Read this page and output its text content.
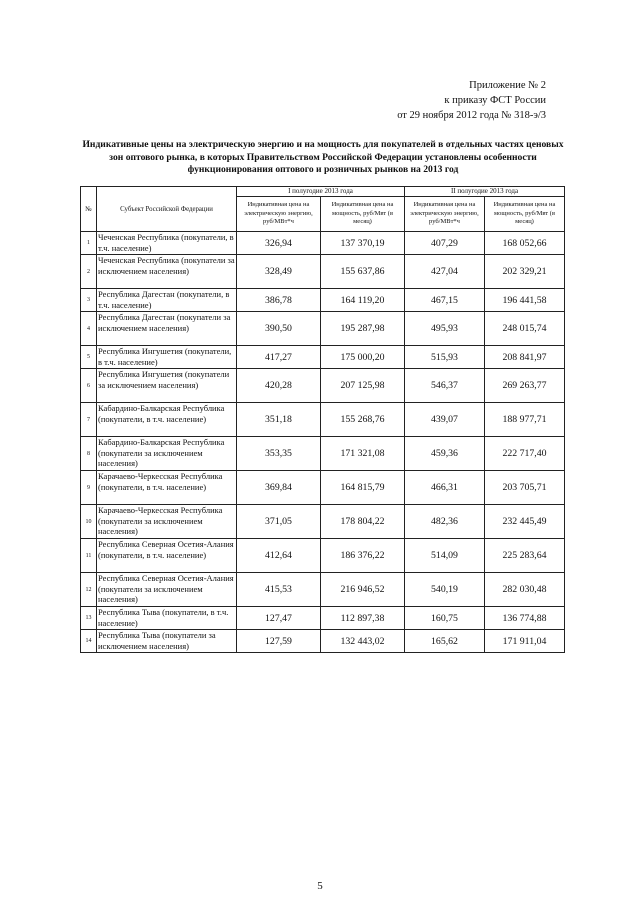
Приложение № 2
к приказу ФСТ России
от 29 ноября 2012 года № 318-э/3
Индикативные цены на электрическую энергию и на мощность для покупателей в отдельных частях ценовых
зон оптового рынка, в которых Правительством Российской Федерации установлены особенности
функционирования оптового и розничных рынков на 2013 год
№	Субъект Российской Федерации	I полугодие 2013 года		II полугодие 2013 года	
		Индикативная цена на электрическую энергию, руб/МВт*ч	Индикативная цена на мощность, руб/Мвт (в месяц)	Индикативная цена на электрическую энергию, руб/МВт*ч	Индикативная цена на мощность, руб/Мвт (в месяц)
1	Чеченская Республика (покупатели, в т.ч. население)	326,94	137 370,19	407,29	168 052,66
2	Чеченская Республика (покупатели за исключением населения)	328,49	155 637,86	427,04	202 329,21
3	Республика Дагестан (покупатели, в т.ч. население)	386,78	164 119,20	467,15	196 441,58
4	Республика Дагестан (покупатели за исключением населения)	390,50	195 287,98	495,93	248 015,74
5	Республика Ингушетия (покупатели, в т.ч. население)	417,27	175 000,20	515,93	208 841,97
6	Республика Ингушетия (покупатели за исключением населения)	420,28	207 125,98	546,37	269 263,77
7	Кабардино-Балкарская Республика (покупатели, в т.ч. население)	351,18	155 268,76	439,07	188 977,71
8	Кабардино-Балкарская Республика (покупатели за исключением населения)	353,35	171 321,08	459,36	222 717,40
9	Карачаево-Черкесская Республика (покупатели, в т.ч. население)	369,84	164 815,79	466,31	203 705,71
10	Карачаево-Черкесская Республика (покупатели за исключением населения)	371,05	178 804,22	482,36	232 445,49
11	Республика Северная Осетия-Алания (покупатели, в т.ч. население)	412,64	186 376,22	514,09	225 283,64
12	Республика Северная Осетия-Алания (покупатели за исключением населения)	415,53	216 946,52	540,19	282 030,48
13	Республика Тыва (покупатели, в т.ч. население)	127,47	112 897,38	160,75	136 774,88
14	Республика Тыва (покупатели за исключением населения)	127,59	132 443,02	165,62	171 911,04
5
